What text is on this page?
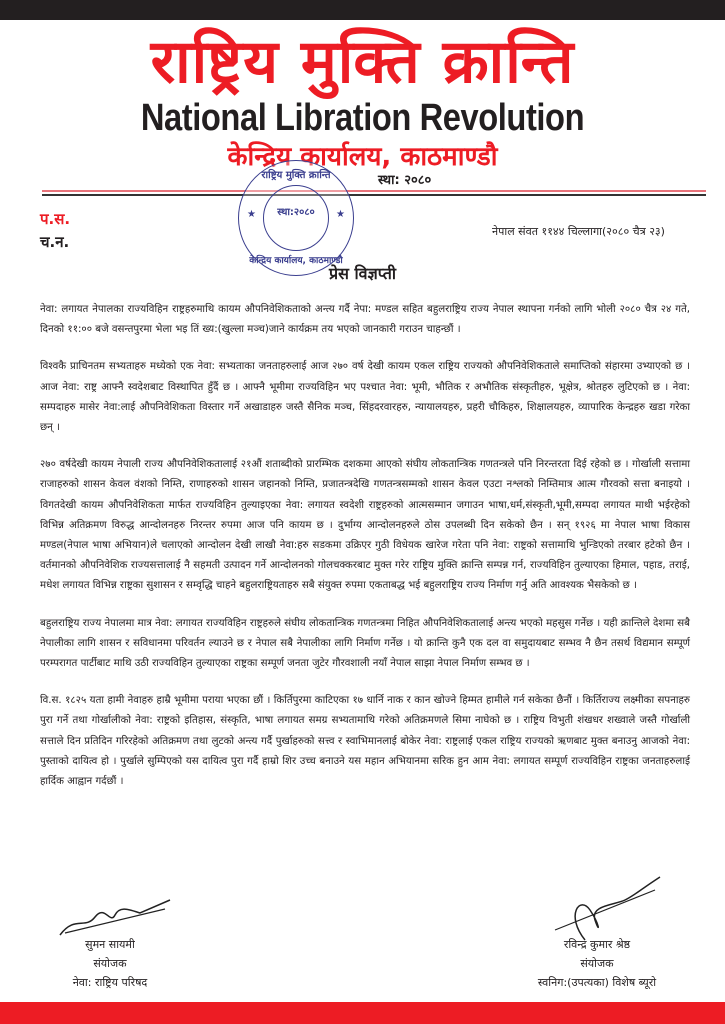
राष्ट्रिय मुक्ति क्रान्ति
National Libration Revolution
केन्द्रिय कार्यालय, काठमाण्डौ
स्था: २०८०
राष्ट्रिय मुक्ति क्रान्ति
★	स्था:२०८०	★
केन्द्रिय कार्यालय, काठमाण्डौ
प.स.
च.न.
नेपाल संवत ११४४ चिल्लागा(२०८० चैत्र २३)
प्रेस विज्ञप्ती

नेवा: लगायत नेपालका राज्यविहिन राष्ट्रहरुमाथि कायम औपनिवेशिकताको अन्त्य गर्दै नेपा: मण्डल सहित बहुलराष्ट्रिय राज्य नेपाल स्थापना गर्नको लागि भोली २०८० चैत्र २४ गते, दिनको ११:०० बजे वसन्तपुरमा भेला भइ तिं ख्य:(खुल्ला मञ्च)जाने कार्यक्रम तय भएको जानकारी गराउन चाहन्छौं ।

विश्वकै प्राचिनतम सभ्यताहरु मध्येको एक नेवा: सभ्यताका जनताहरुलाई आज २७० वर्ष देखी कायम एकल राष्ट्रिय राज्यको औपनिवेशिकताले समाप्तिको संहारमा उभ्याएको छ । आज नेवा: राष्ट्र आफ्नै स्वदेशबाट विस्थापित हुँदैं छ । आफ्नै भूमीमा राज्यविहिन भए पश्चात नेवा: भूमी, भौतिक र अभौतिक संस्कृतीहरु, भूक्षेत्र, श्रोतहरु लुटिएको छ । नेवा: सम्पदाहरु मासेर नेवा:लाई औपनिवेशिकता विस्तार गर्ने अखाडाहरु जस्तै सैनिक मञ्च, सिंहदरवारहरु, न्यायालयहरु, प्रहरी चौकिहरु, शिक्षालयहरु, व्यापारिक केन्द्रहरु खडा गरेका छन् ।

२७० वर्षदेखी कायम नेपाली राज्य औपनिवेशिकतालाई २१औं शताब्दीको प्रारम्भिक दशकमा आएको संघीय लोकतान्त्रिक गणतन्त्रले पनि निरन्तरता दिई रहेको छ । गोर्खाली सत्तामा राजाहरुको शासन केवल वंशको निम्ति, राणाहरुको शासन जहानको निम्ति, प्रजातन्त्रदेखि गणतन्त्रसम्मको शासन केवल एउटा नश्लको निम्तिमात्र आत्म गौरवको सत्ता बनाइयो । विगतदेखी कायम औपनिवेशिकता मार्फत राज्यविहिन तुल्याइएका नेवा: लगायत स्वदेशी राष्ट्रहरुको आत्मसम्मान जगाउन भाषा,धर्म,संस्कृती,भूमी,सम्पदा लगायत माथी भईरहेको विभिन्न अतिक्रमण विरुद्ध आन्दोलनहरु निरन्तर रुपमा आज पनि कायम छ । दुर्भाग्य आन्दोलनहरुले ठोस उपलब्धी दिन सकेको छैन । सन् १९२६ मा नेपाल भाषा विकास मण्डल(नेपाल भाषा अभियान)ले चलाएको आन्दोलन देखी लाखौ नेवा:हरु सडकमा उक्रिएर गुठी विधेयक खारेज गरेता पनि नेवा: राष्ट्रको सत्तामाथि भुन्डिएको तरबार हटेको छैन । वर्तमानको औपनिवेशिक राज्यसत्तालाई नै सहमती उत्पादन गर्ने आन्दोलनको गोलचक्करबाट मुक्त गरेर राष्ट्रिय मुक्ति क्रान्ति सम्पन्न गर्न, राज्यविहिन तुल्याएका हिमाल, पहाड, तराई, मधेश लगायत विभिन्न राष्ट्रका सुशासन र सम्वृद्धि चाहने बहुलराष्ट्रियताहरु सबै संयुक्त रुपमा एकताबद्ध भई बहुलराष्ट्रिय राज्य निर्माण गर्नु अति आवश्यक भैसकेको छ ।

बहुलराष्ट्रिय राज्य नेपालमा मात्र नेवा: लगायत राज्यविहिन राष्ट्रहरुले संघीय लोकतान्त्रिक गणतन्त्रमा निहित औपनिवेशिकतालाई अन्त्य भएको महसुस गर्नेछ । यही क्रान्तिले देशमा सबै नेपालीका लागि शासन र सविधानमा परिवर्तन ल्याउने छ र नेपाल सबै नेपालीका लागि निर्माण गर्नेछ । यो क्रान्ति कुनै एक दल वा समुदायबाट सम्भव नै छैन तसर्थ विद्यमान सम्पूर्ण परम्परागत पार्टीबाट माथि उठी राज्यविहिन तुल्याएका राष्ट्रका सम्पूर्ण जनता जुटेर गौरवशाली नयाँ नेपाल साझा नेपाल निर्माण सम्भव छ ।

वि.स. १८२५ यता हामी नेवाहरु हाम्रै भूमीमा पराया भएका छौं । किर्तिपुरमा काटिएका १७ धार्नि नाक र कान खोज्ने हिम्मत हामीले गर्न सकेका छैनौं । किर्तिराज्य लक्ष्मीका सपनाहरु पुरा गर्ने तथा गोर्खालीको नेवा: राष्ट्रको इतिहास, संस्कृति, भाषा लगायत समग्र सभ्यतामाथि गरेको अतिक्रमणले सिमा नाघेको छ । राष्ट्रिय विभुती शंखधर शख्वाले जस्तै गोर्खाली सत्ताले दिन प्रतिदिन गरिरहेको अतिक्रमण तथा लुटको अन्त्य गर्दै पुर्खाहरुको सत्त्व र स्वाभिमानलाई बोकेर नेवा: राष्ट्रलाई एकल राष्ट्रिय राज्यको ऋणबाट मुक्त बनाउनु आजको नेवा: पुस्ताको दायित्व हो । पुर्खाले सुम्पिएको यस दायित्व पुरा गर्दै हाम्रो शिर उच्च बनाउने यस महान अभियानमा सरिक हुन आम नेवा: लगायत सम्पूर्ण राज्यविहिन राष्ट्रका जनताहरुलाई हार्दिक आह्वान गर्दछौं ।

सुमन सायमी
संयोजक
नेवा: राष्ट्रिय परिषद
रविन्द्र कुमार श्रेष्ठ
संयोजक
स्वनिग:(उपत्यका) विशेष ब्यूरो
